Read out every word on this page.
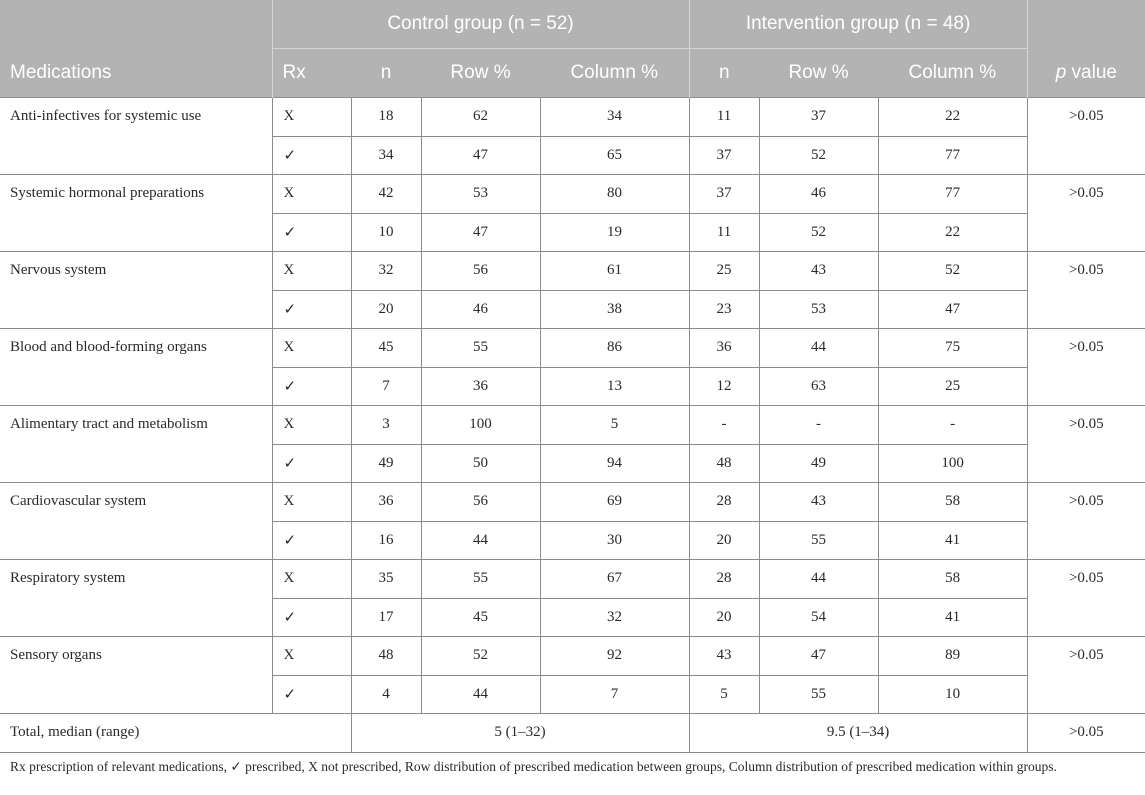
	Control group (n = 52)				Intervention group (n = 48)			
Medications	Rx	n	Row %	Column %	n	Row %	Column %	p value
Anti-infectives for systemic use	X	18	62	34	11	37	22	>0.05
	✓	34	47	65	37	52	77	
Systemic hormonal preparations	X	42	53	80	37	46	77	>0.05
	✓	10	47	19	11	52	22	
Nervous system	X	32	56	61	25	43	52	>0.05
	✓	20	46	38	23	53	47	
Blood and blood-forming organs	X	45	55	86	36	44	75	>0.05
	✓	7	36	13	12	63	25	
Alimentary tract and metabolism	X	3	100	5	-	-	-	>0.05
	✓	49	50	94	48	49	100	
Cardiovascular system	X	36	56	69	28	43	58	>0.05
	✓	16	44	30	20	55	41	
Respiratory system	X	35	55	67	28	44	58	>0.05
	✓	17	45	32	20	54	41	
Sensory organs	X	48	52	92	43	47	89	>0.05
	✓	4	44	7	5	55	10	
Total, median (range)		5 (1–32)			9.5 (1–34)			>0.05
Rx prescription of relevant medications, ✓ prescribed, X not prescribed, Row distribution of prescribed medication between groups, Column distribution of prescribed medication within groups.
